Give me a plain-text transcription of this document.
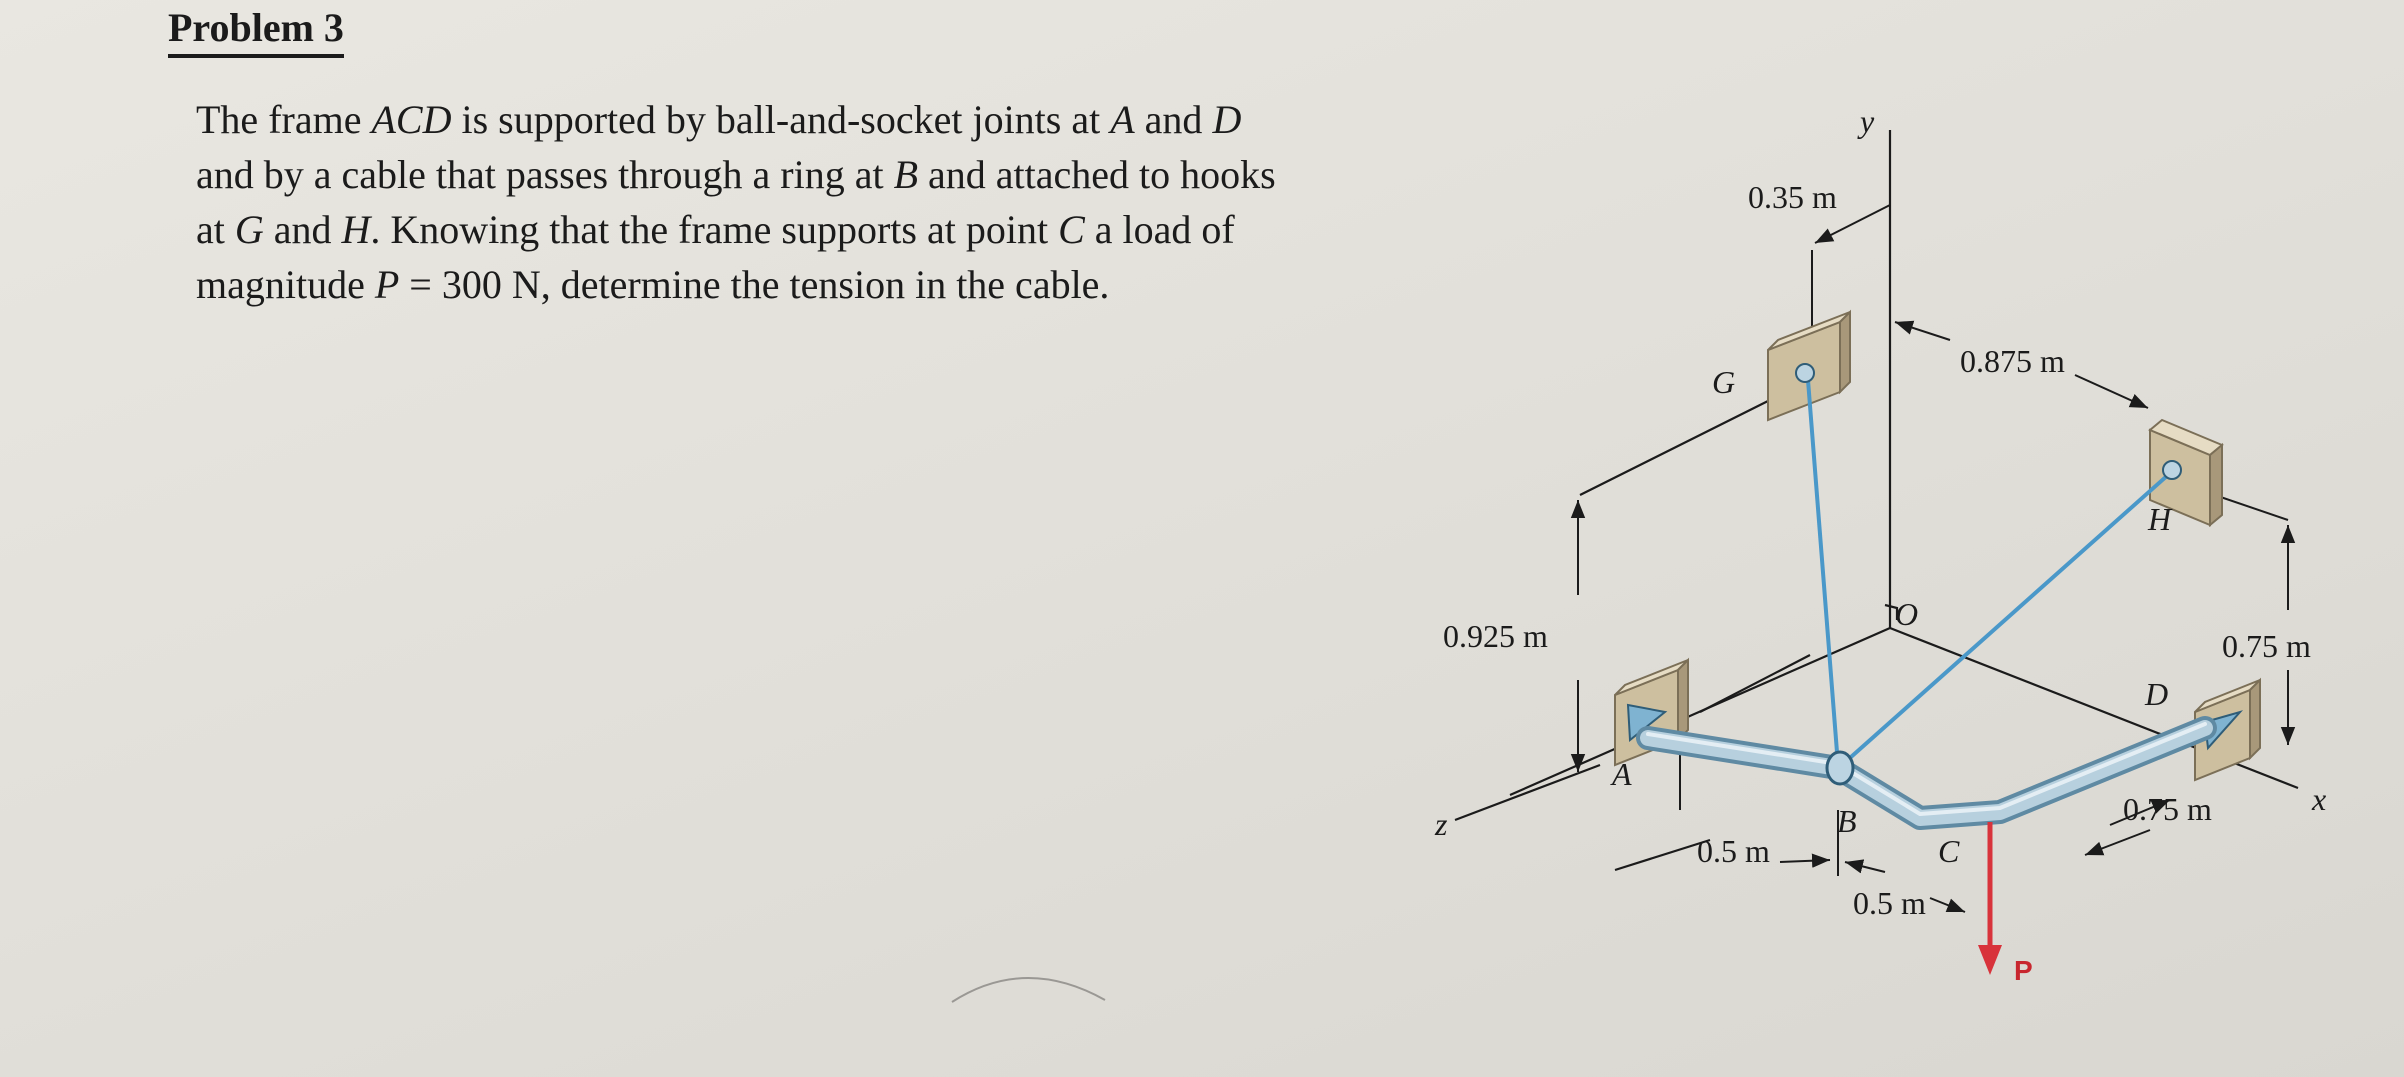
Problem 3
The frame ACD is supported by ball-and-socket joints at A and D
and by a cable that passes through a ring at B and attached to hooks
at G and H. Knowing that the frame supports at point C a load of
magnitude P = 300 N, determine the tension in the cable.
y
x
z
O
G
H
A
B
C
D
P
0.35 m
0.875 m
0.925 m	0.75 m
0.75 m
0.5 m
0.5 m
